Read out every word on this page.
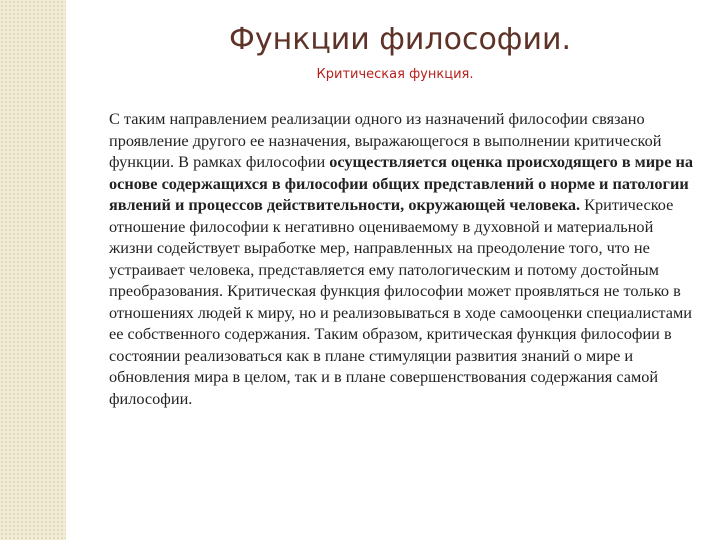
Функции философии.
Критическая функция.

С таким направлением реализации одного из назначений философии связано проявление другого ее назначения, выражающегося в выполнении критической функции. В рамках философии осуществляется оценка происходящего в мире на основе содержащихся в философии общих представлений о норме и патологии явлений и процессов действительности, окружающей человека. Критическое отношение философии к негативно оцениваемому в духовной и материальной жизни содействует выработке мер, направленных на преодоление того, что не устраивает человека, представляется ему патологическим и потому достойным преобразования. Критическая функция философии может проявляться не только в отношениях людей к миру, но и реализовываться в ходе самооценки специалистами ее собственного содержания. Таким образом, критическая функция философии в состоянии реализоваться как в плане стимуляции развития знаний о мире и обновления мира в целом, так и в плане совершенствования содержания самой философии.
